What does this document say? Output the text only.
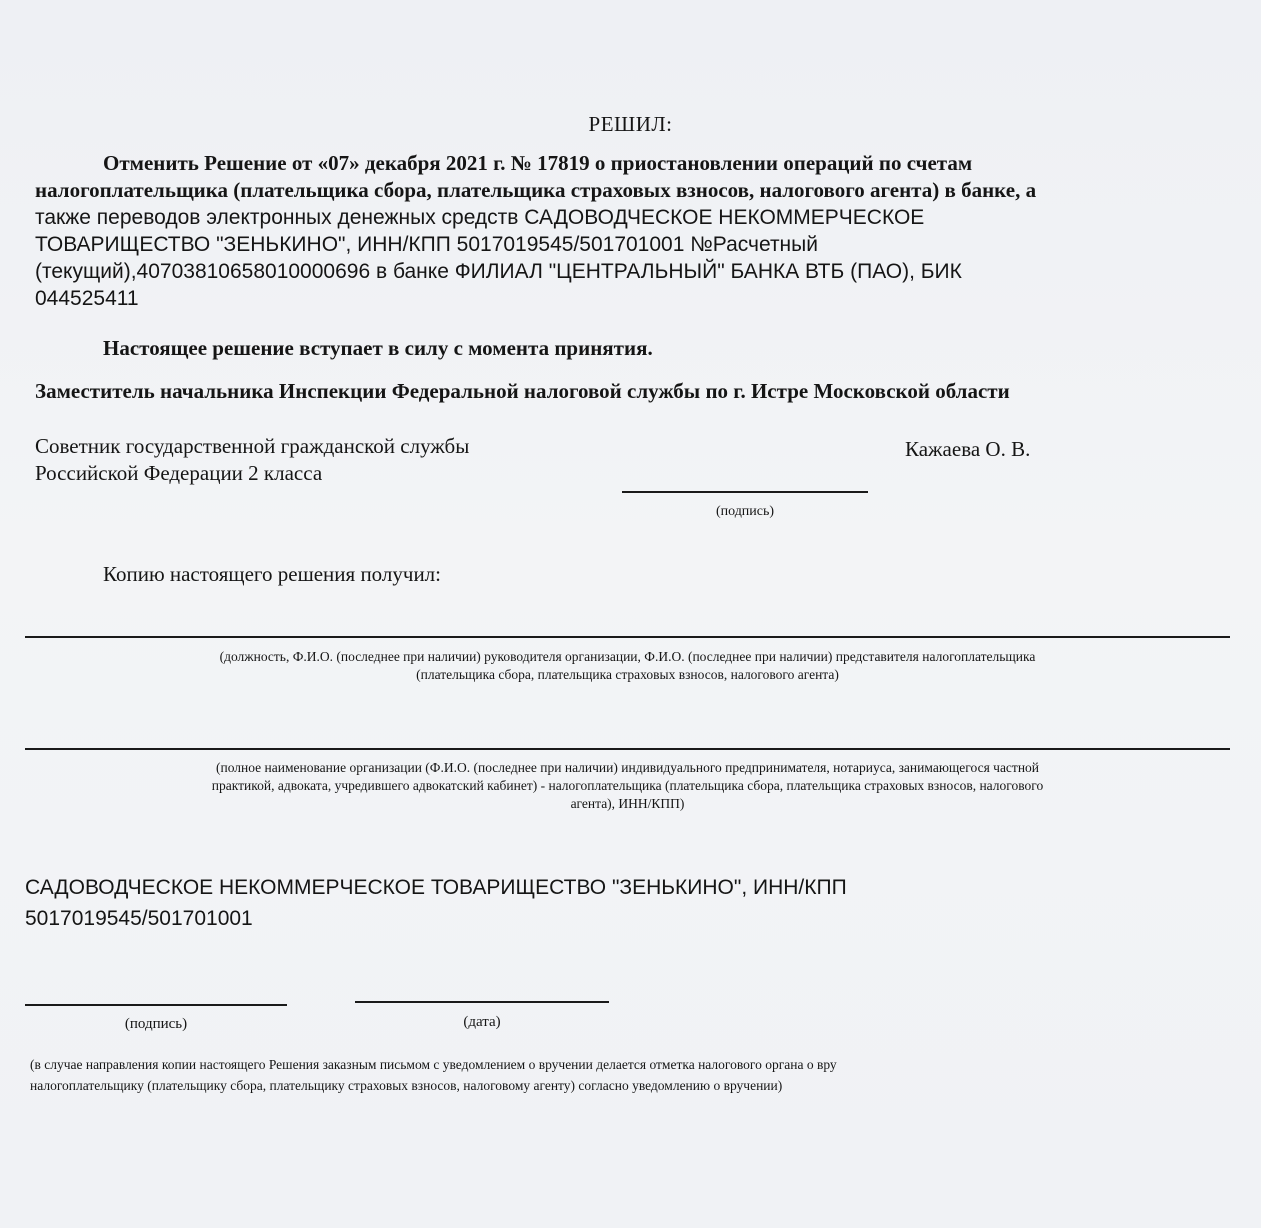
РЕШИЛ:
Отменить Решение от «07» декабря 2021 г. № 17819 о приостановлении операций по счетам
налогоплательщика (плательщика сбора, плательщика страховых взносов, налогового агента) в банке, а
также переводов электронных денежных средств САДОВОДЧЕСКОЕ НЕКОММЕРЧЕСКОЕ
ТОВАРИЩЕСТВО "ЗЕНЬКИНО", ИНН/КПП 5017019545/501701001 №Расчетный
(текущий),40703810658010000696 в банке ФИЛИАЛ "ЦЕНТРАЛЬНЫЙ" БАНКА ВТБ (ПАО), БИК
044525411
Настоящее решение вступает в силу с момента принятия.
Заместитель начальника Инспекции Федеральной налоговой службы по г. Истре Московской области
Советник государственной гражданской службы
Российской Федерации 2 класса
Кажаева О. В.
(подпись)
Копию настоящего решения получил:
(должность, Ф.И.О. (последнее при наличии) руководителя организации, Ф.И.О. (последнее при наличии) представителя налогоплательщика
(плательщика сбора, плательщика страховых взносов, налогового агента)
(полное наименование организации (Ф.И.О. (последнее при наличии) индивидуального предпринимателя, нотариуса, занимающегося частной
практикой, адвоката, учредившего адвокатский кабинет) - налогоплательщика (плательщика сбора, плательщика страховых взносов, налогового
агента), ИНН/КПП)
САДОВОДЧЕСКОЕ НЕКОММЕРЧЕСКОЕ ТОВАРИЩЕСТВО "ЗЕНЬКИНО", ИНН/КПП
5017019545/501701001
(подпись)	(дата)
(в случае направления копии настоящего Решения заказным письмом с уведомлением о вручении делается отметка налогового органа о вру
налогоплательщику (плательщику сбора, плательщику страховых взносов, налоговому агенту) согласно уведомлению о вручении)
